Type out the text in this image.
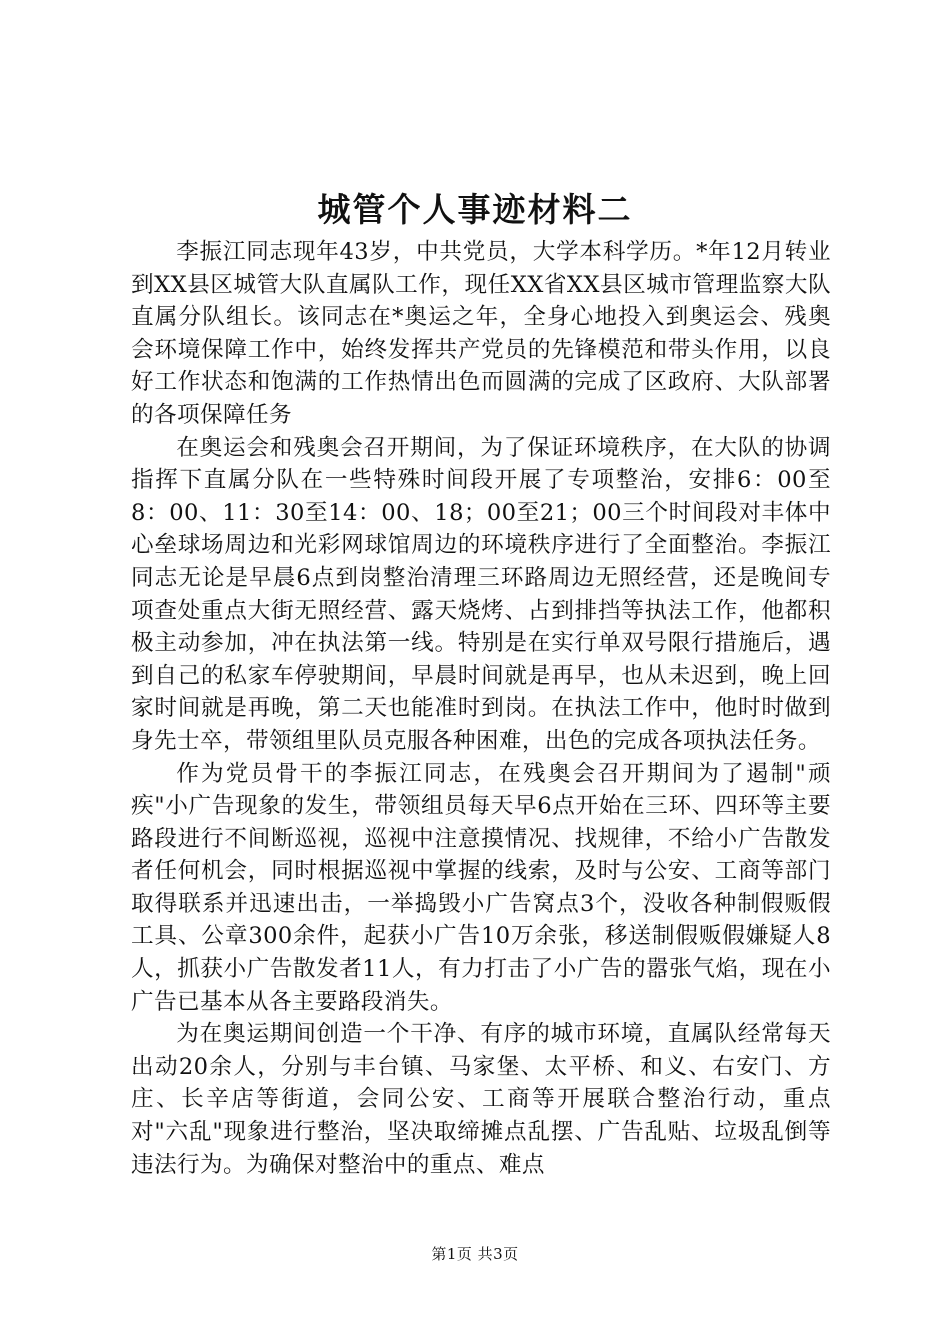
城管个人事迹材料二

李振江同志现年43岁，中共党员，大学本科学历。*年12月转业到XX县区城管大队直属队工作，现任XX省XX县区城市管理监察大队直属分队组长。该同志在*奥运之年，全身心地投入到奥运会、残奥会环境保障工作中，始终发挥共产党员的先锋模范和带头作用，以良好工作状态和饱满的工作热情出色而圆满的完成了区政府、大队部署的各项保障任务

在奥运会和残奥会召开期间，为了保证环境秩序，在大队的协调指挥下直属分队在一些特殊时间段开展了专项整治，安排6：00至8：00、11：30至14：00、18；00至21；00三个时间段对丰体中心垒球场周边和光彩网球馆周边的环境秩序进行了全面整治。李振江同志无论是早晨6点到岗整治清理三环路周边无照经营，还是晚间专项查处重点大街无照经营、露天烧烤、占到排挡等执法工作，他都积极主动参加，冲在执法第一线。特别是在实行单双号限行措施后，遇到自己的私家车停驶期间，早晨时间就是再早，也从未迟到，晚上回家时间就是再晚，第二天也能准时到岗。在执法工作中，他时时做到身先士卒，带领组里队员克服各种困难，出色的完成各项执法任务。

作为党员骨干的李振江同志，在残奥会召开期间为了遏制"顽疾"小广告现象的发生，带领组员每天早6点开始在三环、四环等主要路段进行不间断巡视，巡视中注意摸情况、找规律，不给小广告散发者任何机会，同时根据巡视中掌握的线索，及时与公安、工商等部门取得联系并迅速出击，一举捣毁小广告窝点3个，没收各种制假贩假工具、公章300余件，起获小广告10万余张，移送制假贩假嫌疑人8人，抓获小广告散发者11人，有力打击了小广告的嚣张气焰，现在小广告已基本从各主要路段消失。

为在奥运期间创造一个干净、有序的城市环境，直属队经常每天出动20余人，分别与丰台镇、马家堡、太平桥、和义、右安门、方庄、长辛店等街道，会同公安、工商等开展联合整治行动，重点对"六乱"现象进行整治，坚决取缔摊点乱摆、广告乱贴、垃圾乱倒等违法行为。为确保对整治中的重点、难点

第1页 共3页
